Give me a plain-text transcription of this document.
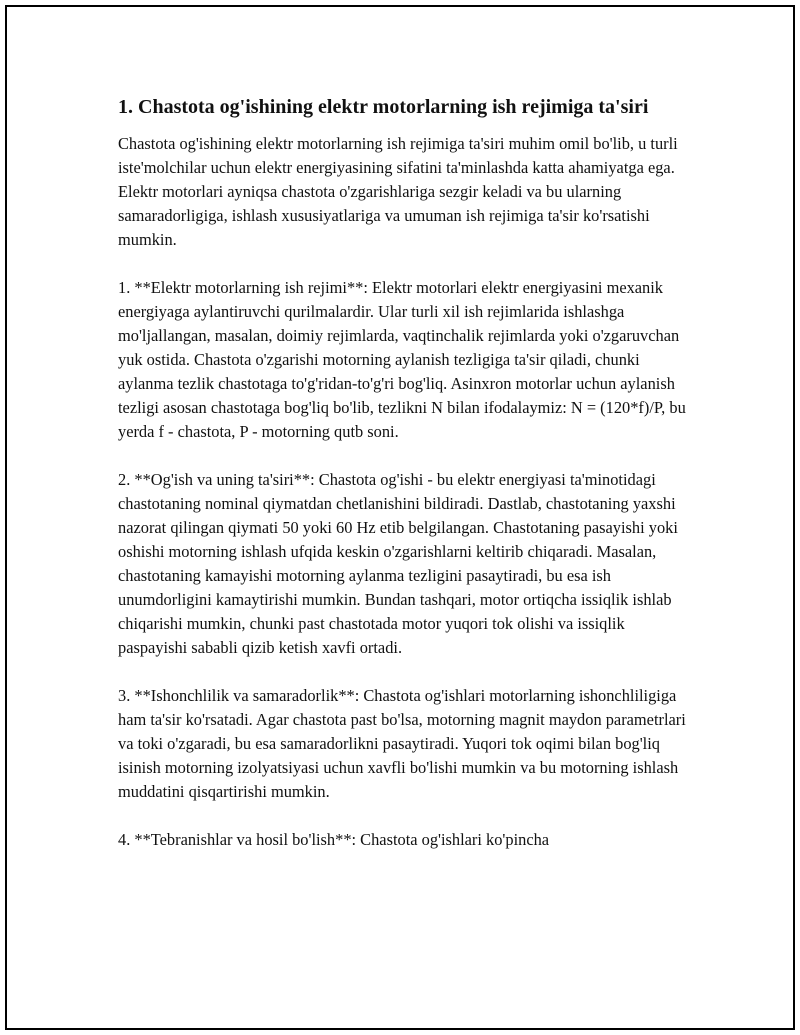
1. Chastota og'ishining elektr motorlarning ish rejimiga ta'siri

Chastota og'ishining elektr motorlarning ish rejimiga ta'siri muhim omil bo'lib, u turli iste'molchilar uchun elektr energiyasining sifatini ta'minlashda katta ahamiyatga ega. Elektr motorlari ayniqsa chastota o'zgarishlariga sezgir keladi va bu ularning samaradorligiga, ishlash xususiyatlariga va umuman ish rejimiga ta'sir ko'rsatishi mumkin.

1. **Elektr motorlarning ish rejimi**: Elektr motorlari elektr energiyasini mexanik energiyaga aylantiruvchi qurilmalardir. Ular turli xil ish rejimlarida ishlashga mo'ljallangan, masalan, doimiy rejimlarda, vaqtinchalik rejimlarda yoki o'zgaruvchan yuk ostida. Chastota o'zgarishi motorning aylanish tezligiga ta'sir qiladi, chunki aylanma tezlik chastotaga to'g'ridan-to'g'ri bog'liq. Asinxron motorlar uchun aylanish tezligi asosan chastotaga bog'liq bo'lib, tezlikni N bilan ifodalaymiz: N = (120*f)/P, bu yerda f - chastota, P - motorning qutb soni.

2. **Og'ish va uning ta'siri**: Chastota og'ishi - bu elektr energiyasi ta'minotidagi chastotaning nominal qiymatdan chetlanishini bildiradi. Dastlab, chastotaning yaxshi nazorat qilingan qiymati 50 yoki 60 Hz etib belgilangan. Chastotaning pasayishi yoki oshishi motorning ishlash ufqida keskin o'zgarishlarni keltirib chiqaradi. Masalan, chastotaning kamayishi motorning aylanma tezligini pasaytiradi, bu esa ish unumdorligini kamaytirishi mumkin. Bundan tashqari, motor ortiqcha issiqlik ishlab chiqarishi mumkin, chunki past chastotada motor yuqori tok olishi va issiqlik paspayishi sababli qizib ketish xavfi ortadi.

3. **Ishonchlilik va samaradorlik**: Chastota og'ishlari motorlarning ishonchliligiga ham ta'sir ko'rsatadi. Agar chastota past bo'lsa, motorning magnit maydon parametrlari va toki o'zgaradi, bu esa samaradorlikni pasaytiradi. Yuqori tok oqimi bilan bog'liq isinish motorning izolyatsiyasi uchun xavfli bo'lishi mumkin va bu motorning ishlash muddatini qisqartirishi mumkin.

4. **Tebranishlar va hosil bo'lish**: Chastota og'ishlari ko'pincha
